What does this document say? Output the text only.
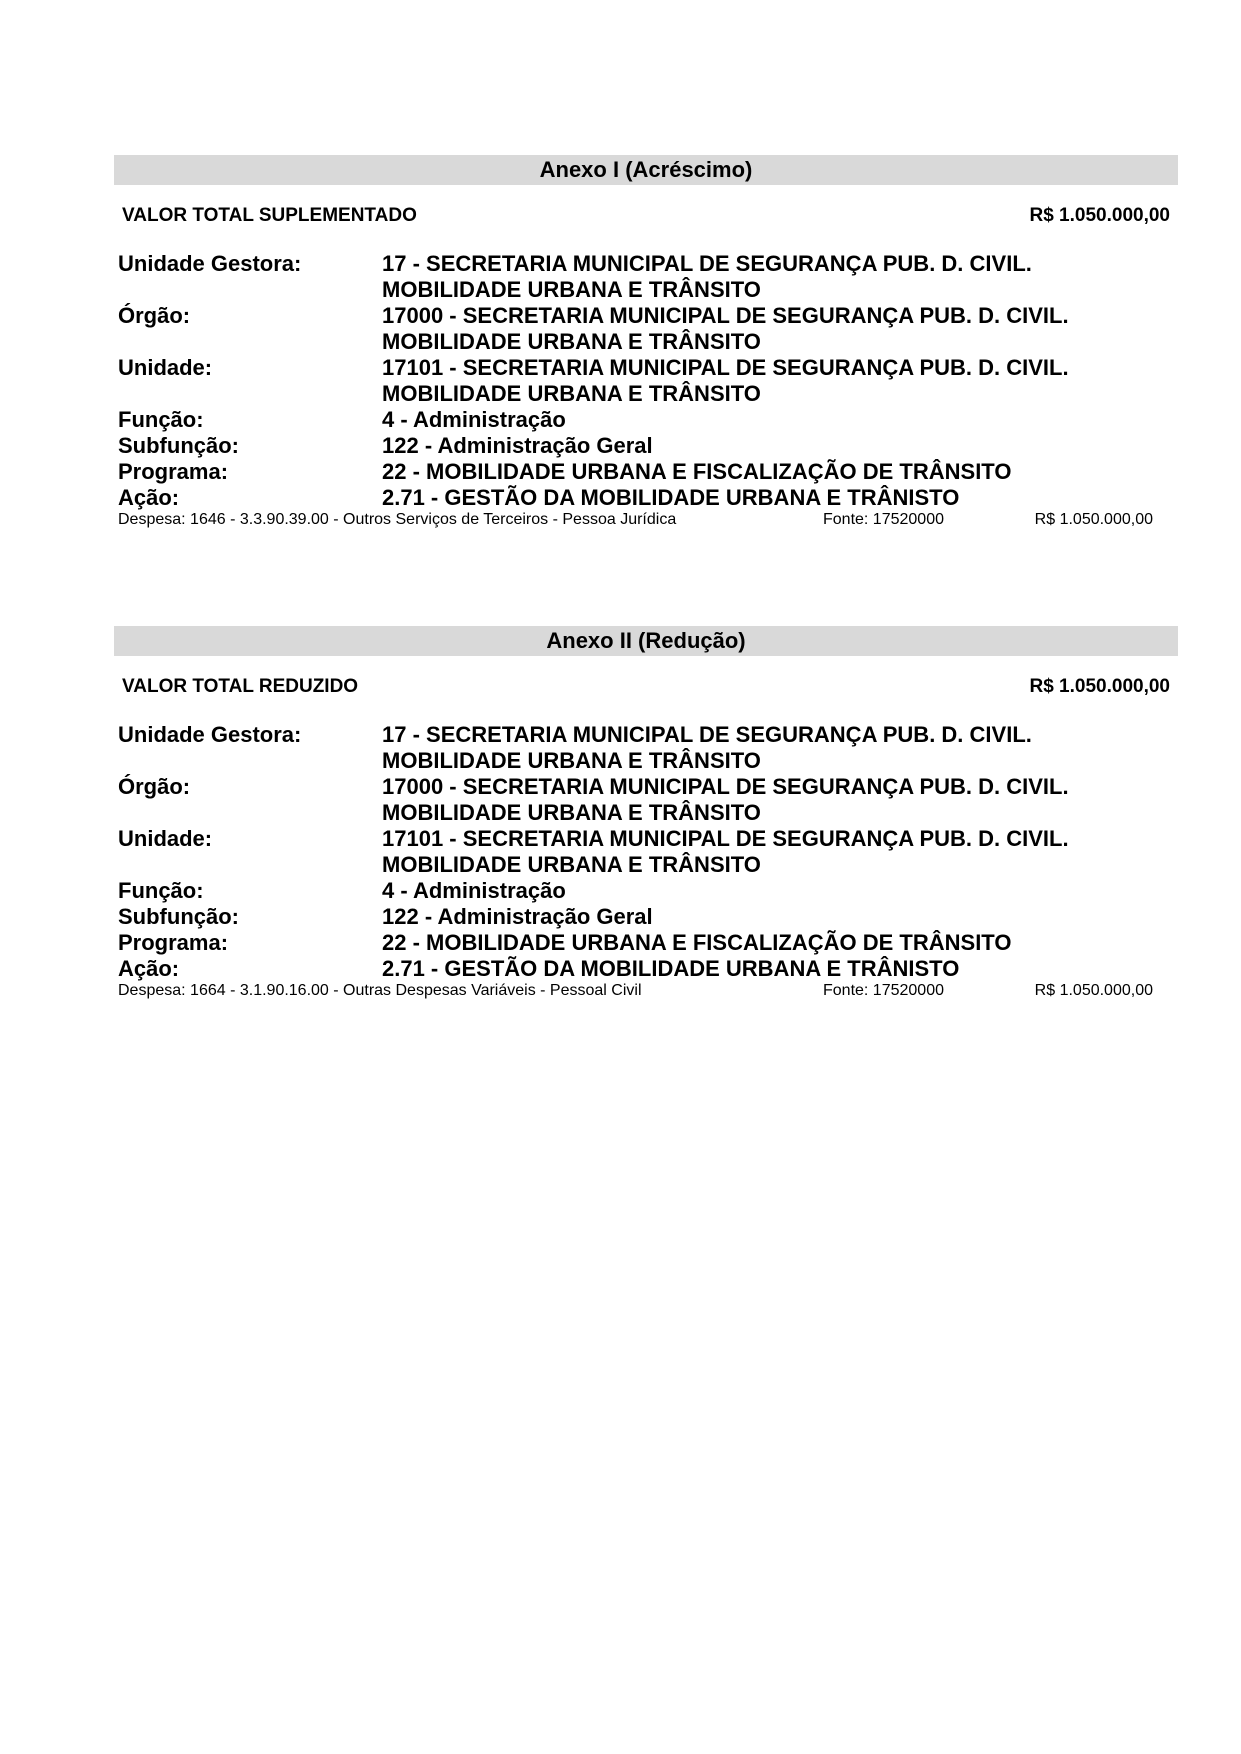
Anexo I (Acréscimo)
VALOR TOTAL SUPLEMENTADO	R$ 1.050.000,00
Unidade Gestora:	17 - SECRETARIA MUNICIPAL DE SEGURANÇA PUB. D. CIVIL.
MOBILIDADE URBANA E TRÂNSITO
Órgão:	17000 - SECRETARIA MUNICIPAL DE SEGURANÇA PUB. D. CIVIL.
MOBILIDADE URBANA E TRÂNSITO
Unidade:	17101 - SECRETARIA MUNICIPAL DE SEGURANÇA PUB. D. CIVIL.
MOBILIDADE URBANA E TRÂNSITO
Função:	4 - Administração
Subfunção:	122 - Administração Geral
Programa:	22 - MOBILIDADE URBANA E FISCALIZAÇÃO DE TRÂNSITO
Ação:	2.71 - GESTÃO DA MOBILIDADE URBANA E TRÂNISTO
Despesa: 1646 - 3.3.90.39.00 - Outros Serviços de Terceiros - Pessoa Jurídica	Fonte: 17520000	R$ 1.050.000,00
Anexo II (Redução)
VALOR TOTAL REDUZIDO	R$ 1.050.000,00
Unidade Gestora:	17 - SECRETARIA MUNICIPAL DE SEGURANÇA PUB. D. CIVIL.
MOBILIDADE URBANA E TRÂNSITO
Órgão:	17000 - SECRETARIA MUNICIPAL DE SEGURANÇA PUB. D. CIVIL.
MOBILIDADE URBANA E TRÂNSITO
Unidade:	17101 - SECRETARIA MUNICIPAL DE SEGURANÇA PUB. D. CIVIL.
MOBILIDADE URBANA E TRÂNSITO
Função:	4 - Administração
Subfunção:	122 - Administração Geral
Programa:	22 - MOBILIDADE URBANA E FISCALIZAÇÃO DE TRÂNSITO
Ação:	2.71 - GESTÃO DA MOBILIDADE URBANA E TRÂNISTO
Despesa: 1664 - 3.1.90.16.00 - Outras Despesas Variáveis - Pessoal Civil	Fonte: 17520000	R$ 1.050.000,00
